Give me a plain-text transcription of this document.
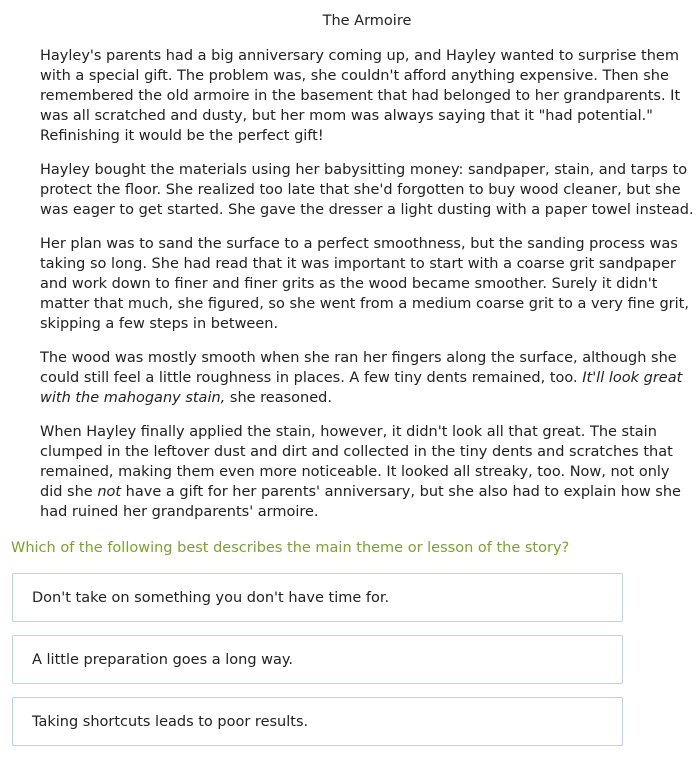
The Armoire

Hayley's parents had a big anniversary coming up, and Hayley wanted to surprise them
with a special gift. The problem was, she couldn't afford anything expensive. Then she
remembered the old armoire in the basement that had belonged to her grandparents. It
was all scratched and dusty, but her mom was always saying that it "had potential."
Refinishing it would be the perfect gift!

Hayley bought the materials using her babysitting money: sandpaper, stain, and tarps to
protect the floor. She realized too late that she'd forgotten to buy wood cleaner, but she
was eager to get started. She gave the dresser a light dusting with a paper towel instead.

Her plan was to sand the surface to a perfect smoothness, but the sanding process was
taking so long. She had read that it was important to start with a coarse grit sandpaper
and work down to finer and finer grits as the wood became smoother. Surely it didn't
matter that much, she figured, so she went from a medium coarse grit to a very fine grit,
skipping a few steps in between.

The wood was mostly smooth when she ran her fingers along the surface, although she
could still feel a little roughness in places. A few tiny dents remained, too. It'll look great
with the mahogany stain, she reasoned.

When Hayley finally applied the stain, however, it didn't look all that great. The stain
clumped in the leftover dust and dirt and collected in the tiny dents and scratches that
remained, making them even more noticeable. It looked all streaky, too. Now, not only
did she not have a gift for her parents' anniversary, but she also had to explain how she
had ruined her grandparents' armoire.

Which of the following best describes the main theme or lesson of the story?

Don't take on something you don't have time for.
A little preparation goes a long way.
Taking shortcuts leads to poor results.
